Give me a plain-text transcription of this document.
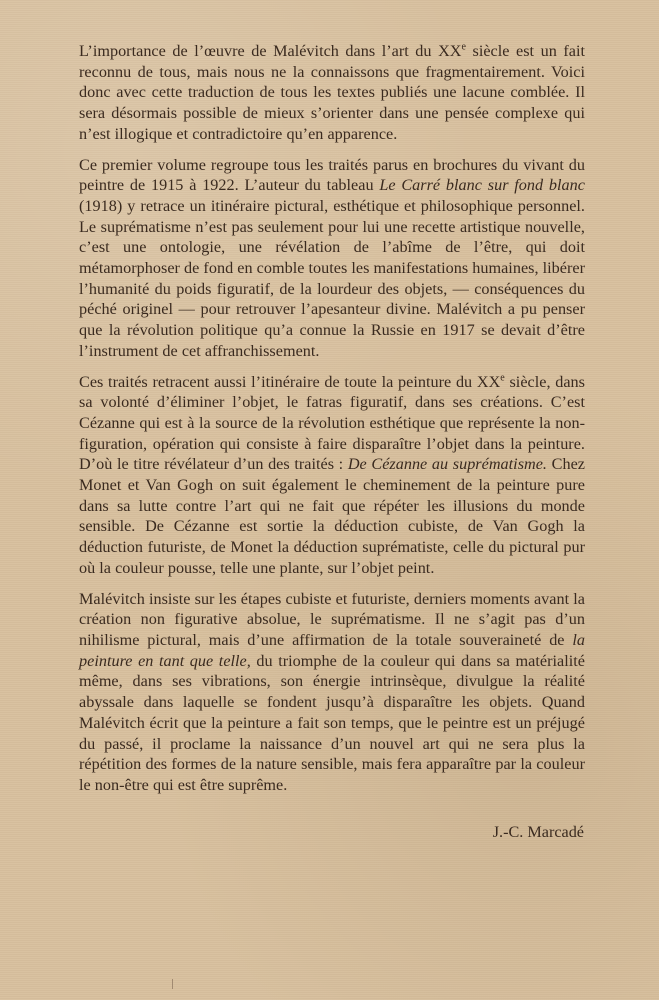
L’importance de l’œuvre de Malévitch dans l’art du XXe siècle est un fait reconnu de tous, mais nous ne la connaissons que fragmentairement. Voici donc avec cette traduction de tous les textes publiés une lacune comblée. Il sera désormais possible de mieux s’orienter dans une pensée complexe qui n’est illogique et contradictoire qu’en apparence.

Ce premier volume regroupe tous les traités parus en brochures du vivant du peintre de 1915 à 1922. L’auteur du tableau Le Carré blanc sur fond blanc (1918) y retrace un itinéraire pictural, esthétique et philosophique personnel. Le suprématisme n’est pas seulement pour lui une recette artistique nouvelle, c’est une ontologie, une révélation de l’abîme de l’être, qui doit métamorphoser de fond en comble toutes les manifestations humaines, libérer l’humanité du poids figuratif, de la lourdeur des objets, — conséquences du péché originel — pour retrouver l’apesanteur divine. Malévitch a pu penser que la révolution politique qu’a connue la Russie en 1917 se devait d’être l’instrument de cet affranchissement.

Ces traités retracent aussi l’itinéraire de toute la peinture du XXe siècle, dans sa volonté d’éliminer l’objet, le fatras figuratif, dans ses créations. C’est Cézanne qui est à la source de la révolution esthétique que représente la non-figuration, opération qui consiste à faire disparaître l’objet dans la peinture. D’où le titre révélateur d’un des traités : De Cézanne au suprématisme. Chez Monet et Van Gogh on suit également le cheminement de la peinture pure dans sa lutte contre l’art qui ne fait que répéter les illusions du monde sensible. De Cézanne est sortie la déduction cubiste, de Van Gogh la déduction futuriste, de Monet la déduction suprématiste, celle du pictural pur où la couleur pousse, telle une plante, sur l’objet peint.

Malévitch insiste sur les étapes cubiste et futuriste, derniers moments avant la création non figurative absolue, le suprématisme. Il ne s’agit pas d’un nihilisme pictural, mais d’une affirmation de la totale souveraineté de la peinture en tant que telle, du triomphe de la couleur qui dans sa matérialité même, dans ses vibrations, son énergie intrinsèque, divulgue la réalité abyssale dans laquelle se fondent jusqu’à disparaître les objets. Quand Malévitch écrit que la peinture a fait son temps, que le peintre est un préjugé du passé, il proclame la naissance d’un nouvel art qui ne sera plus la répétition des formes de la nature sensible, mais fera apparaître par la couleur le non-être qui est être suprême.

J.-C. Marcadé
